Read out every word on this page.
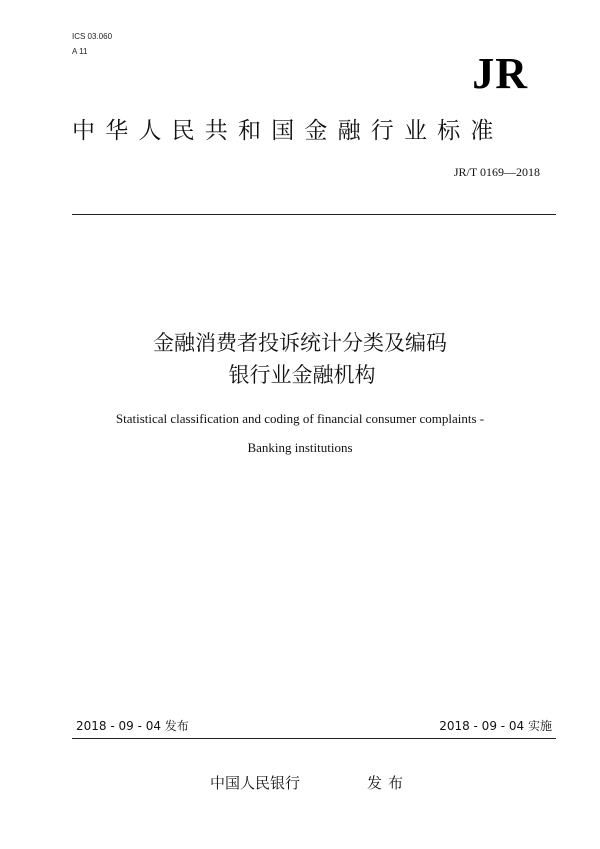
ICS 03.060
A 11	JR
中华人民共和国金融行业标准
JR/T 0169—2018
金融消费者投诉统计分类及编码
银行业金融机构
Statistical classification and coding of financial consumer complaints -
Banking institutions
2018 - 09 - 04 发布	2018 - 09 - 04 实施
中国人民银行	发布
